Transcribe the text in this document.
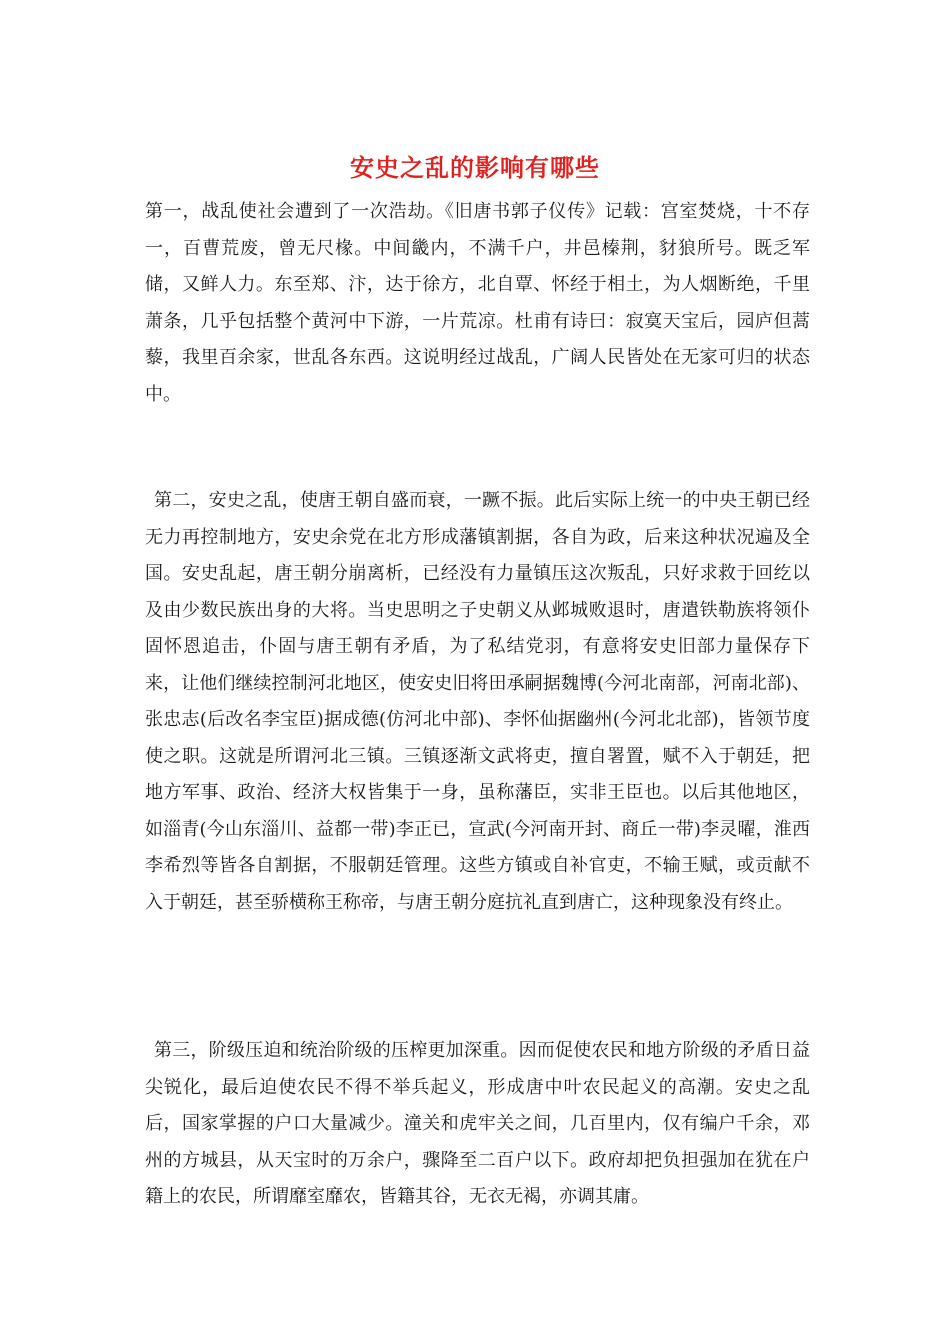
安史之乱的影响有哪些

第一，战乱使社会遭到了一次浩劫。《旧唐书郭子仪传》记载：宫室焚烧，十不存一，百曹荒废，曾无尺椽。中间畿内，不满千户，井邑榛荆，豺狼所号。既乏军储，又鲜人力。东至郑、汴，达于徐方，北自覃、怀经于相土，为人烟断绝，千里萧条，几乎包括整个黄河中下游，一片荒凉。杜甫有诗曰：寂寞天宝后，园庐但蒿藜，我里百余家，世乱各东西。这说明经过战乱，广阔人民皆处在无家可归的状态中。

第二，安史之乱，使唐王朝自盛而衰，一蹶不振。此后实际上统一的中央王朝已经无力再控制地方，安史余党在北方形成藩镇割据，各自为政，后来这种状况遍及全国。安史乱起，唐王朝分崩离析，已经没有力量镇压这次叛乱，只好求救于回纥以及由少数民族出身的大将。当史思明之子史朝义从邺城败退时，唐遣铁勒族将领仆固怀恩追击，仆固与唐王朝有矛盾，为了私结党羽，有意将安史旧部力量保存下来，让他们继续控制河北地区，使安史旧将田承嗣据魏博(今河北南部，河南北部)、张忠志(后改名李宝臣)据成德(仿河北中部)、李怀仙据幽州(今河北北部)，皆领节度使之职。这就是所谓河北三镇。三镇逐渐文武将吏，擅自署置，赋不入于朝廷，把地方军事、政治、经济大权皆集于一身，虽称藩臣，实非王臣也。以后其他地区，如淄青(今山东淄川、益都一带)李正已，宣武(今河南开封、商丘一带)李灵曜，淮西李希烈等皆各自割据，不服朝廷管理。这些方镇或自补官吏，不输王赋，或贡献不入于朝廷，甚至骄横称王称帝，与唐王朝分庭抗礼直到唐亡，这种现象没有终止。

第三，阶级压迫和统治阶级的压榨更加深重。因而促使农民和地方阶级的矛盾日益尖锐化，最后迫使农民不得不举兵起义，形成唐中叶农民起义的高潮。安史之乱后，国家掌握的户口大量减少。潼关和虎牢关之间，几百里内，仅有编户千余，邓州的方城县，从天宝时的万余户，骤降至二百户以下。政府却把负担强加在犹在户籍上的农民，所谓靡室靡农，皆籍其谷，无衣无褐，亦调其庸。
